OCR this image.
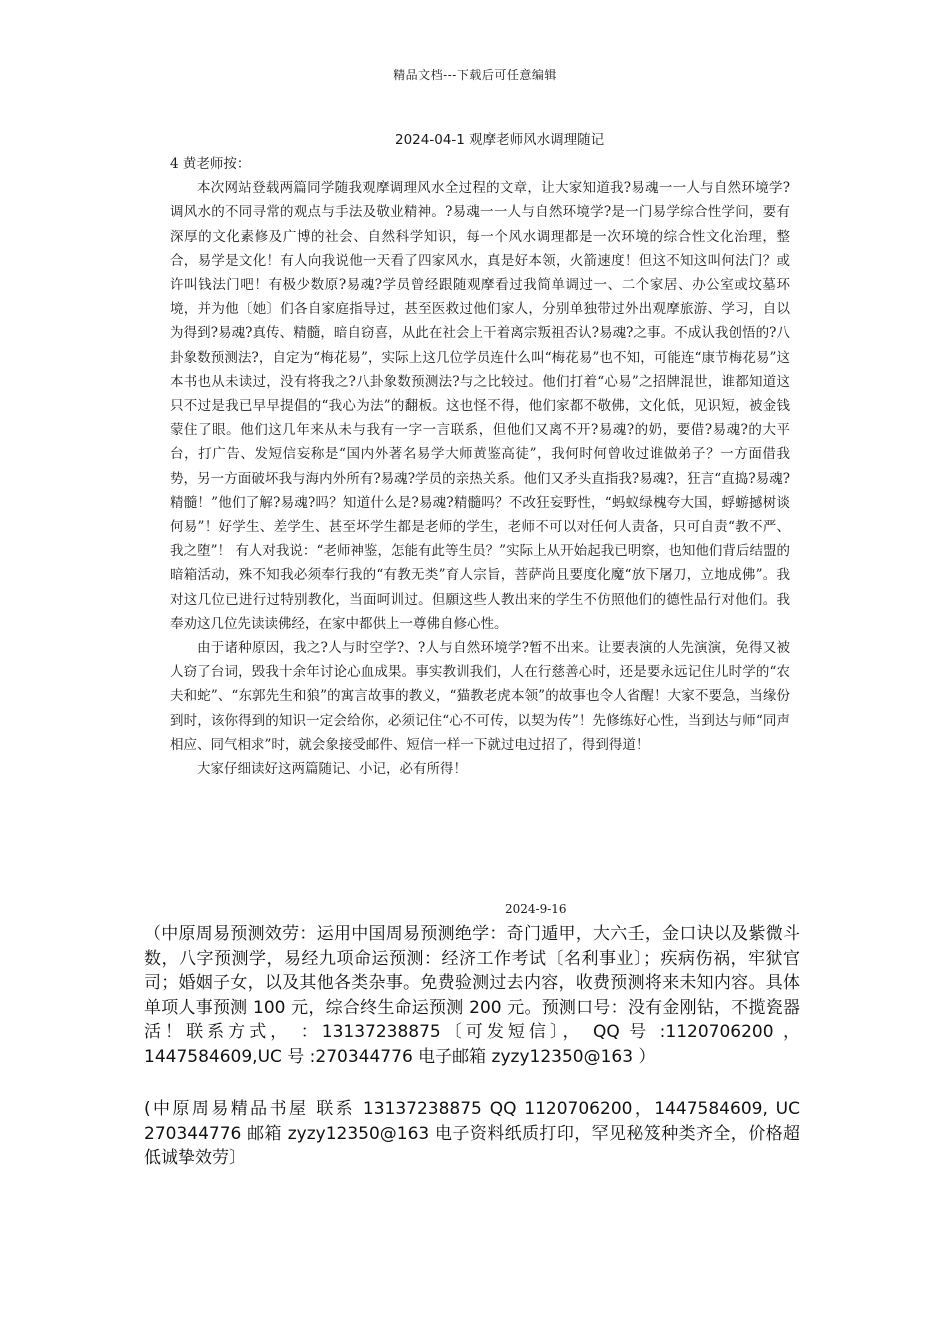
精品文档---下载后可任意编辑
2024-04-1 观摩老师风水调理随记

4 黄老师按：

本次网站登载两篇同学随我观摩调理风水全过程的文章，让大家知道我?易魂一一人与自然环境学?调风水的不同寻常的观点与手法及敬业精神。?易魂一一人与自然环境学?是一门易学综合性学问，要有深厚的文化素修及广博的社会、自然科学知识，每一个风水调理都是一次环境的综合性文化治理，整合，易学是文化！有人向我说他一天看了四家风水，真是好本领，火箭速度！但这不知这叫何法门？或许叫钱法门吧！有极少数原?易魂?学员曾经跟随观摩看过我简单调过一、二个家居、办公室或坟墓环境，并为他〔她〕们各自家庭指导过，甚至医救过他们家人，分别单独带过外出观摩旅游、学习，自以为得到?易魂?真传、精髓，暗自窃喜，从此在社会上干着离宗叛祖否认?易魂?之事。不成认我创悟的?八卦象数预测法?，自定为“梅花易”，实际上这几位学员连什么叫“梅花易”也不知，可能连“康节梅花易”这本书也从未读过，没有将我之?八卦象数预测法?与之比较过。他们打着“心易”之招牌混世，谁都知道这只不过是我已早早提倡的“我心为法”的翻板。这也怪不得，他们家都不敬佛，文化低，见识短，被金钱蒙住了眼。他们这几年来从未与我有一字一言联系，但他们又离不开?易魂?的奶，要借?易魂?的大平台，打广告、发短信妄称是“国内外著名易学大师黄鉴高徒”，我何时何曾收过谁做弟子？一方面借我势，另一方面破坏我与海内外所有?易魂?学员的亲热关系。他们又矛头直指我?易魂?，狂言“直捣?易魂?精髓！”他们了解?易魂?吗？知道什么是?易魂?精髓吗？不改狂妄野性，“蚂蚁绿槐夸大国，蜉蝣撼树谈何易”！好学生、差学生、甚至坏学生都是老师的学生，老师不可以对任何人责备，只可自责“教不严、我之堕”！ 有人对我说：“老师神鉴，怎能有此等生员？”实际上从开始起我已明察，也知他们背后结盟的暗箱活动，殊不知我必须奉行我的“有教无类”育人宗旨，菩萨尚且要度化魔“放下屠刀，立地成佛”。我对这几位已进行过特别教化，当面呵训过。但願这些人教出来的学生不仿照他们的德性品行对他们。我奉劝这几位先读读佛经，在家中都供上一尊佛自修心性。

由于诸种原因，我之?人与时空学?、?人与自然环境学?暂不出来。让要表演的人先演演，免得又被人窃了台词，毁我十余年讨论心血成果。事实教训我们，人在行慈善心时，还是要永远记住儿时学的“农夫和蛇”、“东郭先生和狼”的寓言故事的教义，“猫教老虎本领”的故事也令人省醒！大家不要急，当缘份到时，该你得到的知识一定会给你，必须记住“心不可传，以契为传”！先修练好心性，当到达与师“同声相应、同气相求”时，就会象接受邮件、短信一样一下就过电过招了，得到得道！

大家仔细读好这两篇随记、小记，必有所得！

2024-9-16

（中原周易预测效劳：运用中国周易预测绝学：奇门遁甲，大六壬，金口诀以及紫微斗数，八字预测学，易经九项命运预测：经济工作考试〔名利事业〕；疾病伤祸，牢狱官司；婚姻子女，以及其他各类杂事。免费验测过去内容，收费预测将来未知内容。具体单项人事预测 100 元，综合终生命运预测 200 元。预测口号：没有金刚钻，不揽瓷器活！联系方式， ：13137238875〔可发短信〕， QQ 号 :1120706200 ， 1447584609,UC 号 :270344776 电子邮箱 zyzy12350@163 ）

(中原周易精品书屋 联系 13137238875 QQ 1120706200，1447584609, UC 270344776 邮箱 zyzy12350@163 电子资料纸质打印，罕见秘笈种类齐全，价格超低诚挚效劳〕
